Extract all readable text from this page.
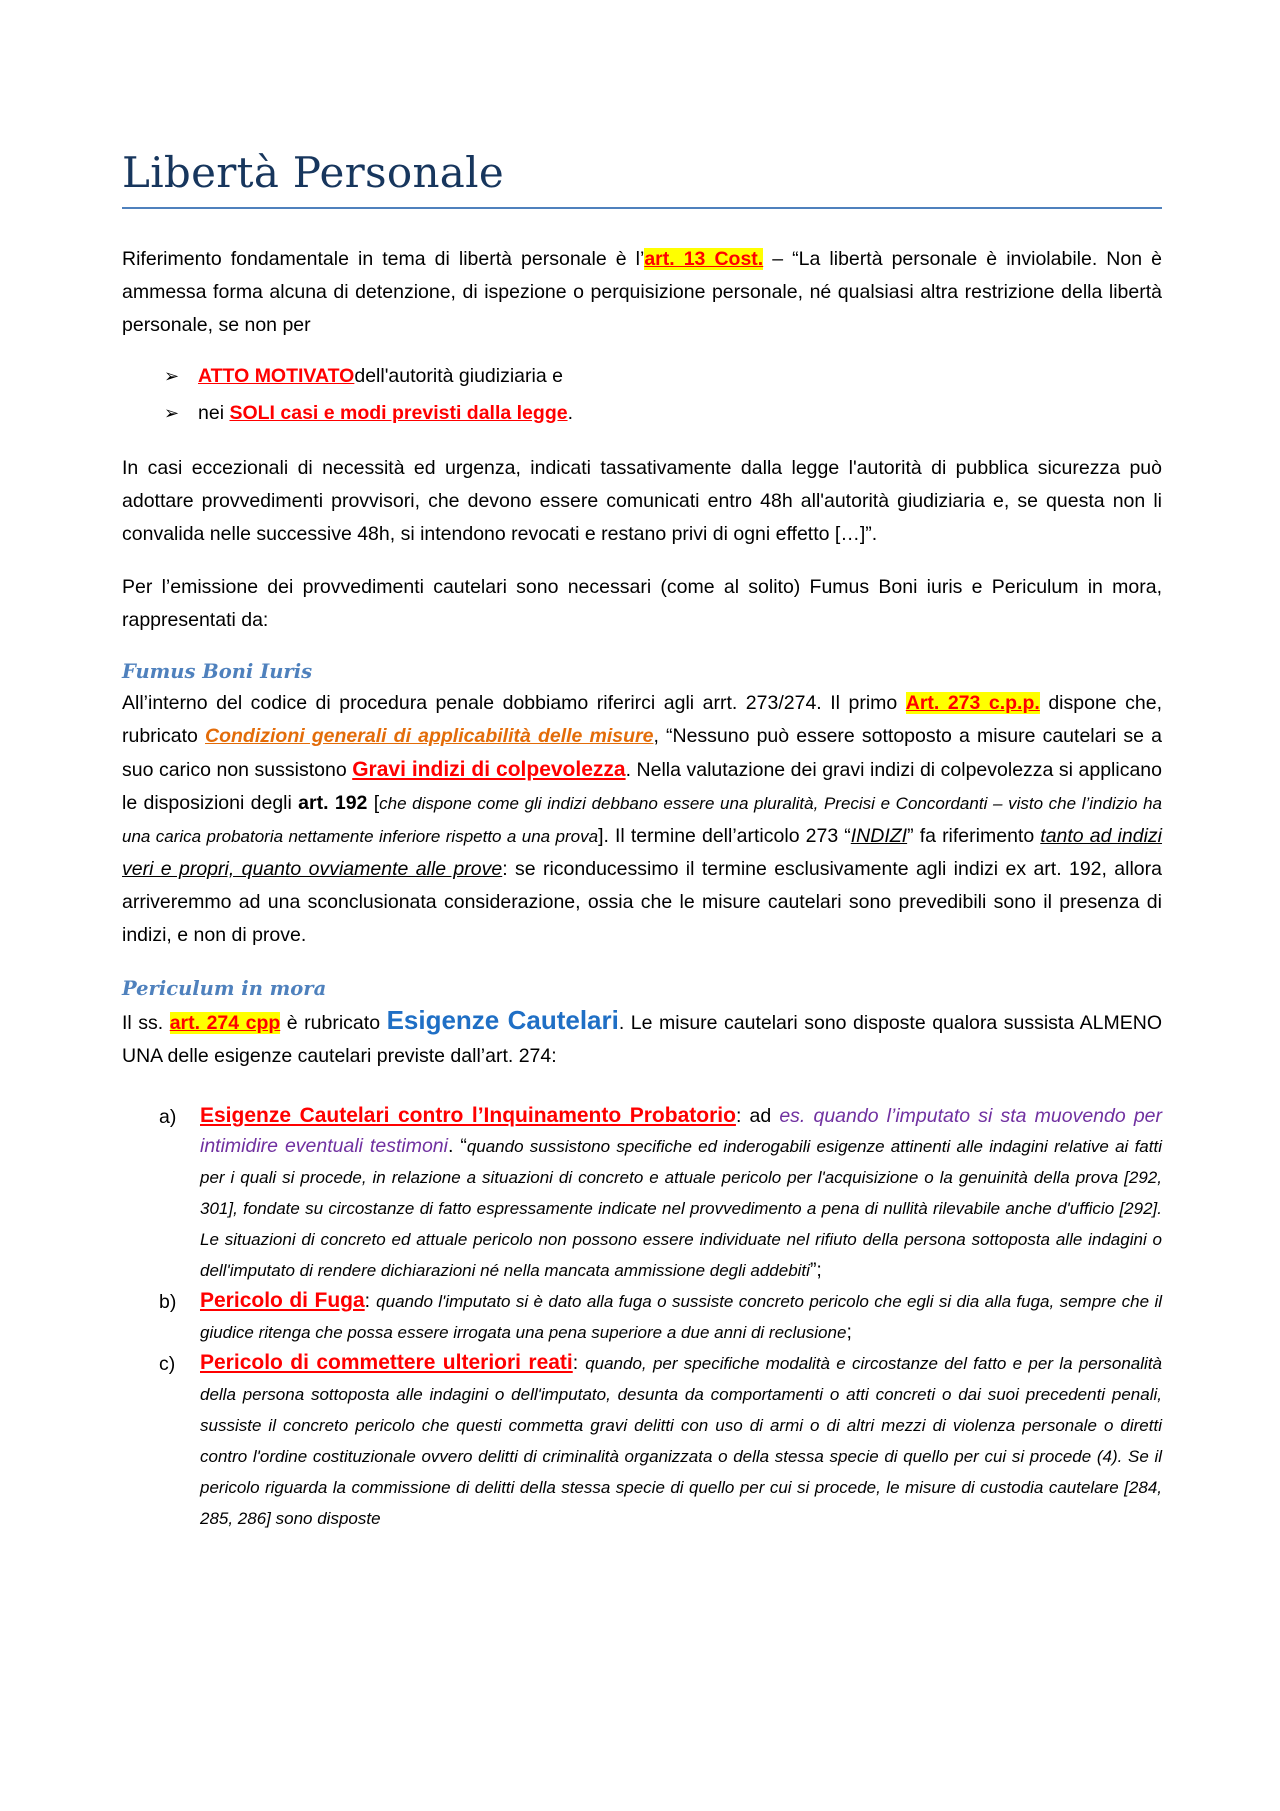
Libertà Personale

Riferimento fondamentale in tema di libertà personale è l’art. 13 Cost. – “La libertà personale è inviolabile. Non è ammessa forma alcuna di detenzione, di ispezione o perquisizione personale, né qualsiasi altra restrizione della libertà personale, se non per

➢ ATTO MOTIVATO dell'autorità giudiziaria e
➢ nei
SOLI casi e modi previsti dalla legge .

In casi eccezionali di necessità ed urgenza, indicati tassativamente dalla legge l'autorità di pubblica sicurezza può adottare provvedimenti provvisori, che devono essere comunicati entro 48h all'autorità giudiziaria e, se questa non li convalida nelle successive 48h, si intendono revocati e restano privi di ogni effetto […]”.

Per l’emissione dei provvedimenti cautelari sono necessari (come al solito) Fumus Boni iuris e Periculum in mora, rappresentati da:

Fumus Boni Iuris

All’interno del codice di procedura penale dobbiamo riferirci agli arrt. 273/274. Il primo Art. 273 c.p.p. dispone che, rubricato Condizioni generali di applicabilità delle misure, “Nessuno può essere sottoposto a misure cautelari se a suo carico non sussistono Gravi indizi di colpevolezza. Nella valutazione dei gravi indizi di colpevolezza si applicano le disposizioni degli art. 192 [che dispone come gli indizi debbano essere una pluralità, Precisi e Concordanti – visto che l’indizio ha una carica probatoria nettamente inferiore rispetto a una prova]. Il termine dell’articolo 273 “INDIZI” fa riferimento tanto ad indizi veri e propri, quanto ovviamente alle prove: se riconducessimo il termine esclusivamente agli indizi ex art. 192, allora arriveremmo ad una sconclusionata considerazione, ossia che le misure cautelari sono prevedibili sono il presenza di indizi, e non di prove.

Periculum in mora

Il ss. art. 274 cpp è rubricato Esigenze Cautelari. Le misure cautelari sono disposte qualora sussista ALMENO UNA delle esigenze cautelari previste dall’art. 274:

a)	Esigenze Cautelari contro l’Inquinamento Probatorio: ad es. quando l’imputato si sta muovendo per intimidire eventuali testimoni. “quando sussistono specifiche ed inderogabili esigenze attinenti alle indagini relative ai fatti per i quali si procede, in relazione a situazioni di concreto e attuale pericolo per l'acquisizione o la genuinità della prova [292, 301], fondate su circostanze di fatto espressamente indicate nel provvedimento a pena di nullità rilevabile anche d'ufficio [292]. Le situazioni di concreto ed attuale pericolo non possono essere individuate nel rifiuto della persona sottoposta alle indagini o dell'imputato di rendere dichiarazioni né nella mancata ammissione degli addebiti”;
b)	Pericolo di Fuga: quando l'imputato si è dato alla fuga o sussiste concreto pericolo che egli si dia alla fuga, sempre che il giudice ritenga che possa essere irrogata una pena superiore a due anni di reclusione;
c)	Pericolo di commettere ulteriori reati: quando, per specifiche modalità e circostanze del fatto e per la personalità della persona sottoposta alle indagini o dell'imputato, desunta da comportamenti o atti concreti o dai suoi precedenti penali, sussiste il concreto pericolo che questi commetta gravi delitti con uso di armi o di altri mezzi di violenza personale o diretti contro l'ordine costituzionale ovvero delitti di criminalità organizzata o della stessa specie di quello per cui si procede (4). Se il pericolo riguarda la commissione di delitti della stessa specie di quello per cui si procede, le misure di custodia cautelare [284, 285, 286] sono disposte
